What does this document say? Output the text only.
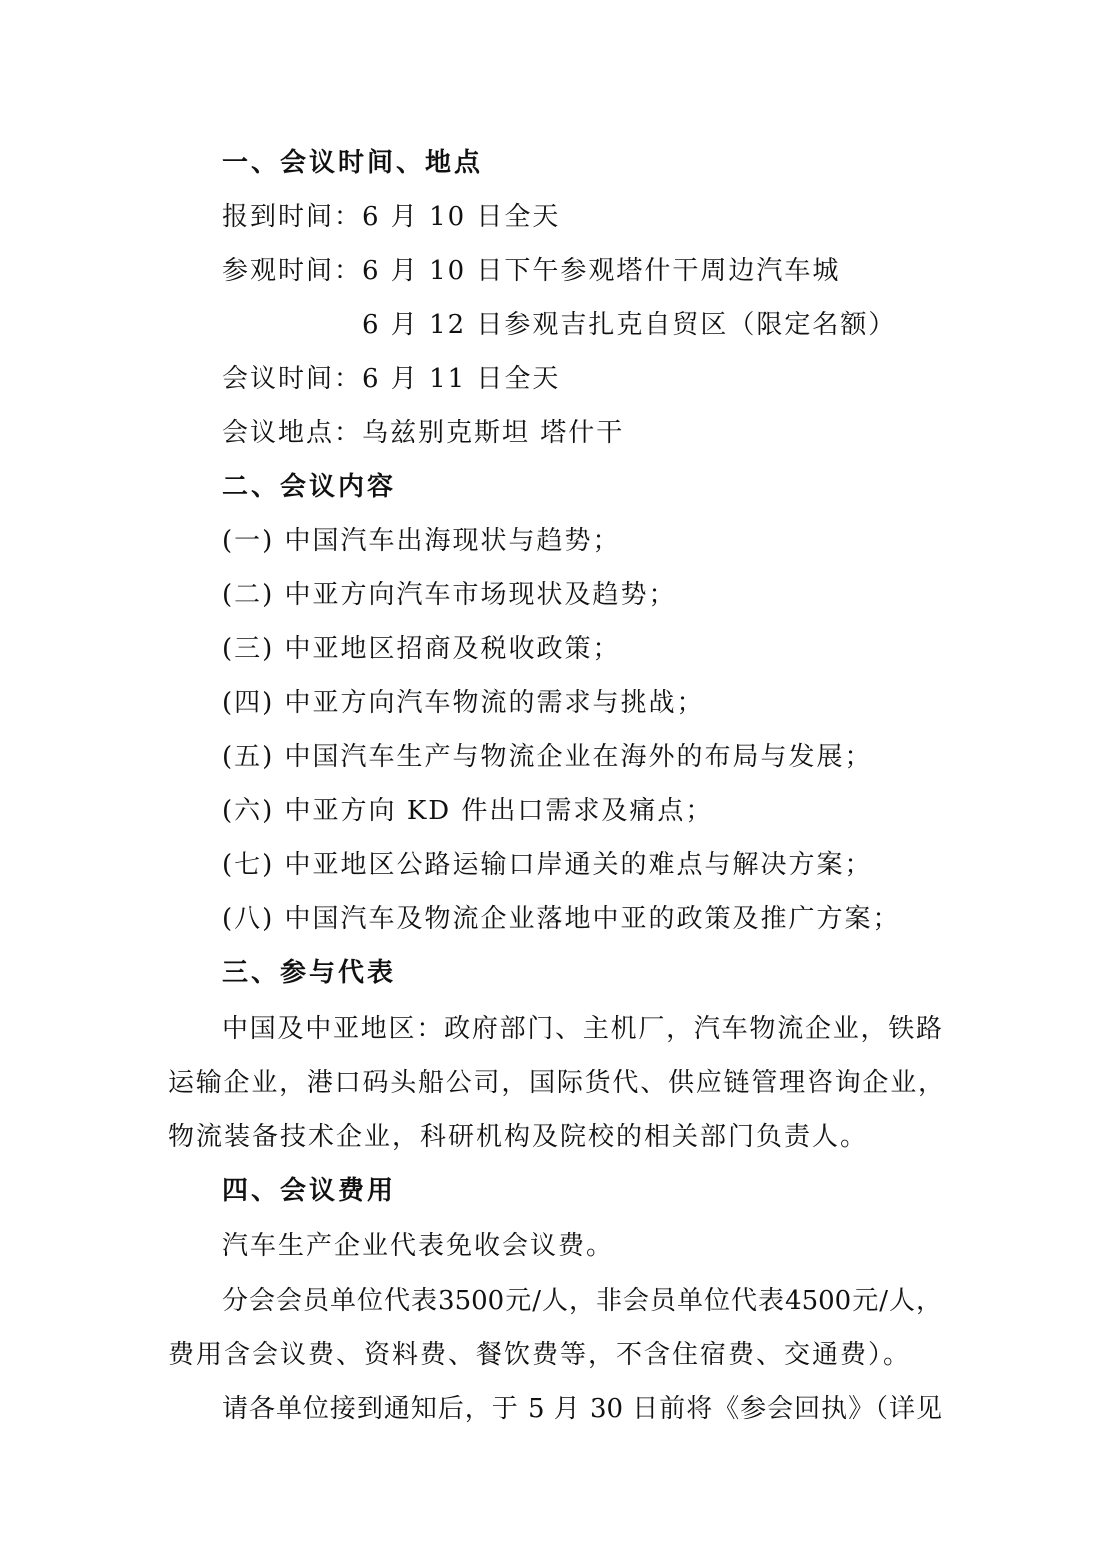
一、会议时间、地点
报到时间：6 月 10 日全天
参观时间：6 月 10 日下午参观塔什干周边汽车城
6 月 12 日参观吉扎克自贸区（限定名额）
会议时间：6 月 11 日全天
会议地点：乌兹别克斯坦 塔什干
二、会议内容
(一) 中国汽车出海现状与趋势；
(二) 中亚方向汽车市场现状及趋势；
(三) 中亚地区招商及税收政策；
(四) 中亚方向汽车物流的需求与挑战；
(五) 中国汽车生产与物流企业在海外的布局与发展；
(六) 中亚方向 KD 件出口需求及痛点；
(七) 中亚地区公路运输口岸通关的难点与解决方案；
(八) 中国汽车及物流企业落地中亚的政策及推广方案；
三、参与代表
中国及中亚地区：政府部门、主机厂，汽车物流企业，铁路
运输企业，港口码头船公司，国际货代、供应链管理咨询企业，
物流装备技术企业，科研机构及院校的相关部门负责人。
四、会议费用
汽车生产企业代表免收会议费。
分会会员单位代表3500元/人，非会员单位代表4500元/人，
费用含会议费、资料费、餐饮费等，不含住宿费、交通费）。
请各单位接到通知后，于 5 月 30 日前将《参会回执》（详见
